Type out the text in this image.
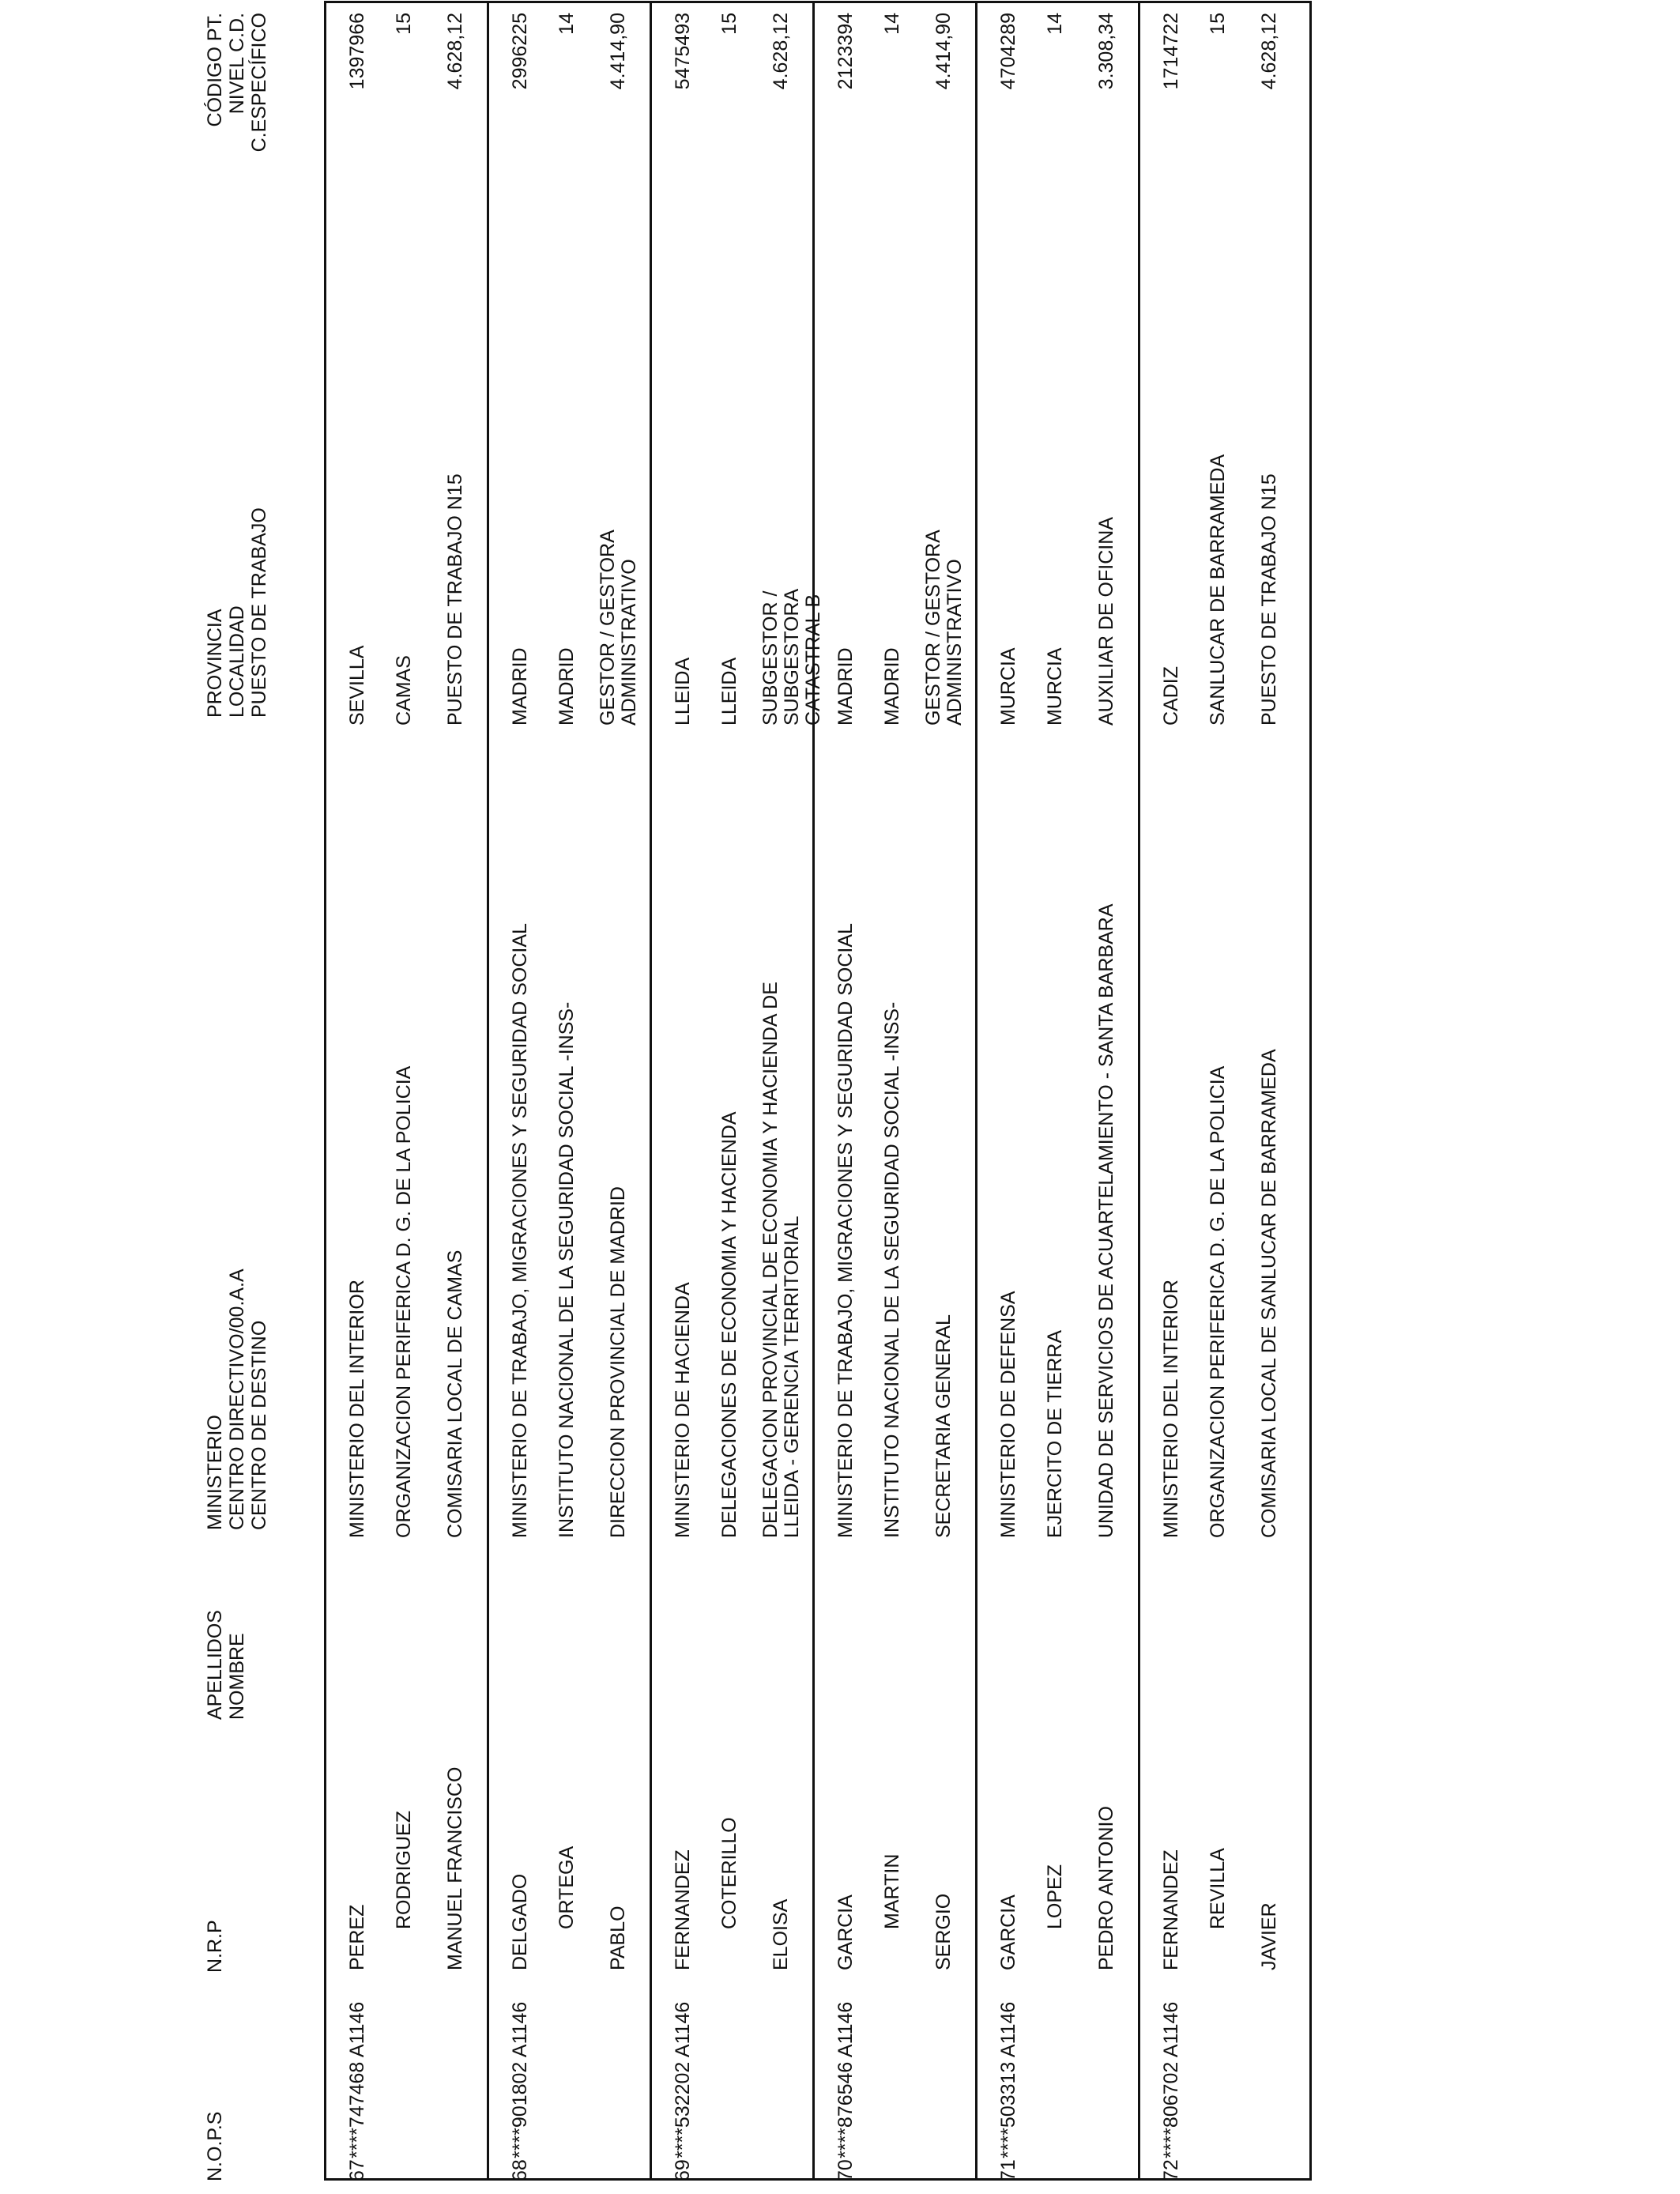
N.O.P.S
N.R.P
APELLIDOS NOMBRE
MINISTERIO CENTRO DIRECTIVO/00.A.A CENTRO DE DESTINO
PROVINCIA LOCALIDAD PUESTO DE TRABAJO
CÓDIGO PT. NIVEL C.D. C.ESPECÍFICO
67
****747468 A1146
PEREZ
MINISTERIO DEL INTERIOR
SEVILLA
1397966
RODRIGUEZ
ORGANIZACION PERIFERICA D. G. DE LA POLICIA
CAMAS
15
MANUEL FRANCISCO
COMISARIA LOCAL DE CAMAS
PUESTO DE TRABAJO N15
4.628,12
68
****901802 A1146
DELGADO
MINISTERIO DE TRABAJO, MIGRACIONES Y SEGURIDAD SOCIAL
MADRID
2996225
ORTEGA
INSTITUTO NACIONAL DE LA SEGURIDAD SOCIAL -INSS-
MADRID
14
PABLO
DIRECCION PROVINCIAL DE MADRID
GESTOR / GESTORA ADMINISTRATIVO
4.414,90
69
****532202 A1146
FERNANDEZ
MINISTERIO DE HACIENDA
LLEIDA
5475493
COTERILLO
DELEGACIONES DE ECONOMIA Y HACIENDA
LLEIDA
15
ELOISA
DELEGACION PROVINCIAL DE ECONOMIA Y HACIENDA DE LLEIDA - GERENCIA TERRITORIAL
SUBGESTOR / SUBGESTORA CATASTRAL B
4.628,12
70
****876546 A1146
GARCIA
MINISTERIO DE TRABAJO, MIGRACIONES Y SEGURIDAD SOCIAL
MADRID
2123394
MARTIN
INSTITUTO NACIONAL DE LA SEGURIDAD SOCIAL -INSS-
MADRID
14
SERGIO
SECRETARIA GENERAL
GESTOR / GESTORA ADMINISTRATIVO
4.414,90
71
****503313 A1146
GARCIA
MINISTERIO DE DEFENSA
MURCIA
4704289
LOPEZ
EJERCITO DE TIERRA
MURCIA
14
PEDRO ANTONIO
UNIDAD DE SERVICIOS DE ACUARTELAMIENTO - SANTA BARBARA
AUXILIAR DE OFICINA
3.308,34
72
****806702 A1146
FERNANDEZ
MINISTERIO DEL INTERIOR
CADIZ
1714722
REVILLA
ORGANIZACION PERIFERICA D. G. DE LA POLICIA
SANLUCAR DE BARRAMEDA
15
JAVIER
COMISARIA LOCAL DE SANLUCAR DE BARRAMEDA
PUESTO DE TRABAJO N15
4.628,12
